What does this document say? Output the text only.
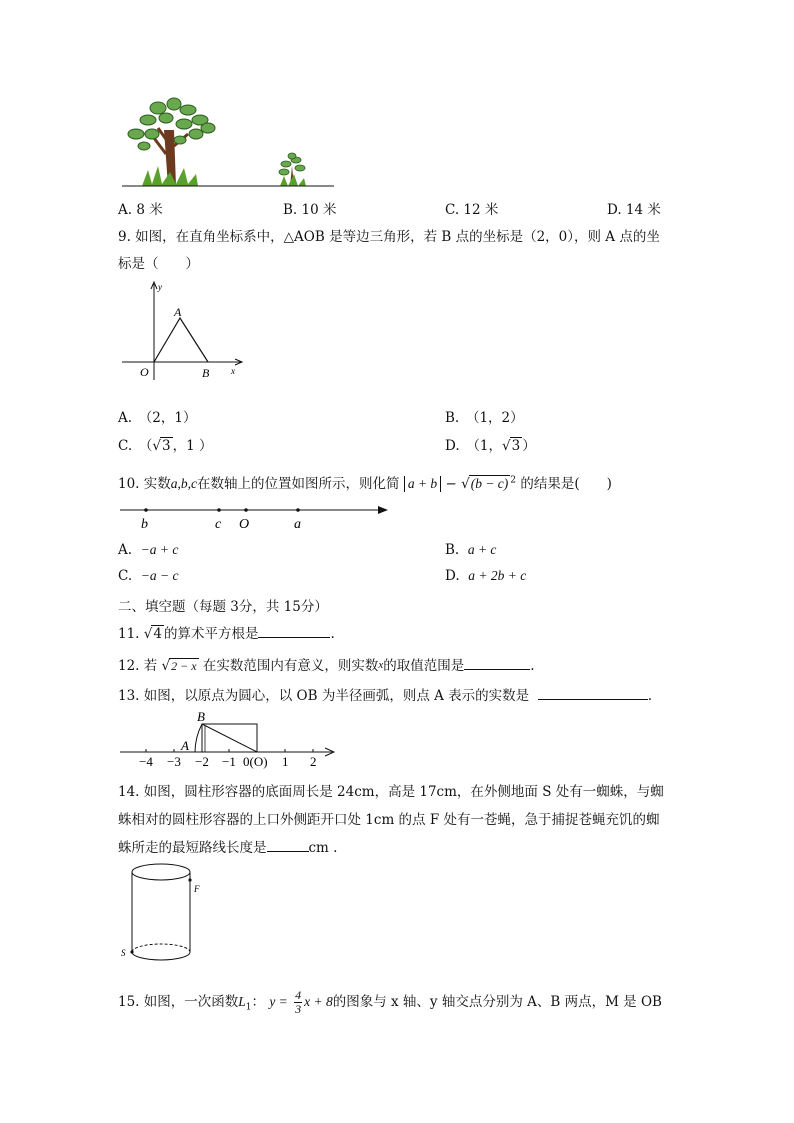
A. 8 米	B. 10 米	C. 12 米	D. 14 米
9. 如图，在直角坐标系中，△AOB 是等边三角形，若 B 点的坐标是（2，0），则 A 点的坐
标是（　　）
y
x
A
O	B
A.　（2，1）	B.　（1，2）
C.　（√3 ，1 ）	D.　（1，√3 ）
10. 实数a,b,c在数轴上的位置如图所示，则化简 a + b − √(b − c) $^2$ 的结果是(　　)
b	c O	a
A. −a + c	B. a + c
C. −a − c	D. a + 2b + c
二、填空题（每题 3分，共 15分）
11. √4 的算术平方根是	.
12. 若 √2 − x 在实数范围内有意义，则实数x的取值范围是	.
13. 如图，以原点为圆心，以 OB 为半径画弧，则点 A 表示的实数是	.
B
A
−4 −3 −2 −1 0(O) 1 2
14. 如图，圆柱形容器的底面周长是 24cm，高是 17cm，在外侧地面 S 处有一蜘蛛，与蜘
蛛相对的圆柱形容器的上口外侧距开口处 1cm 的点 F 处有一苍蝇，急于捕捉苍蝇充饥的蜘
蛛所走的最短路线长度是	cm .
F
S
15. 如图，一次函数$L_1$： $y = \frac{4}{3}$ x + 8的图象与 x 轴、y 轴交点分别为 A、B 两点，M 是 OB
